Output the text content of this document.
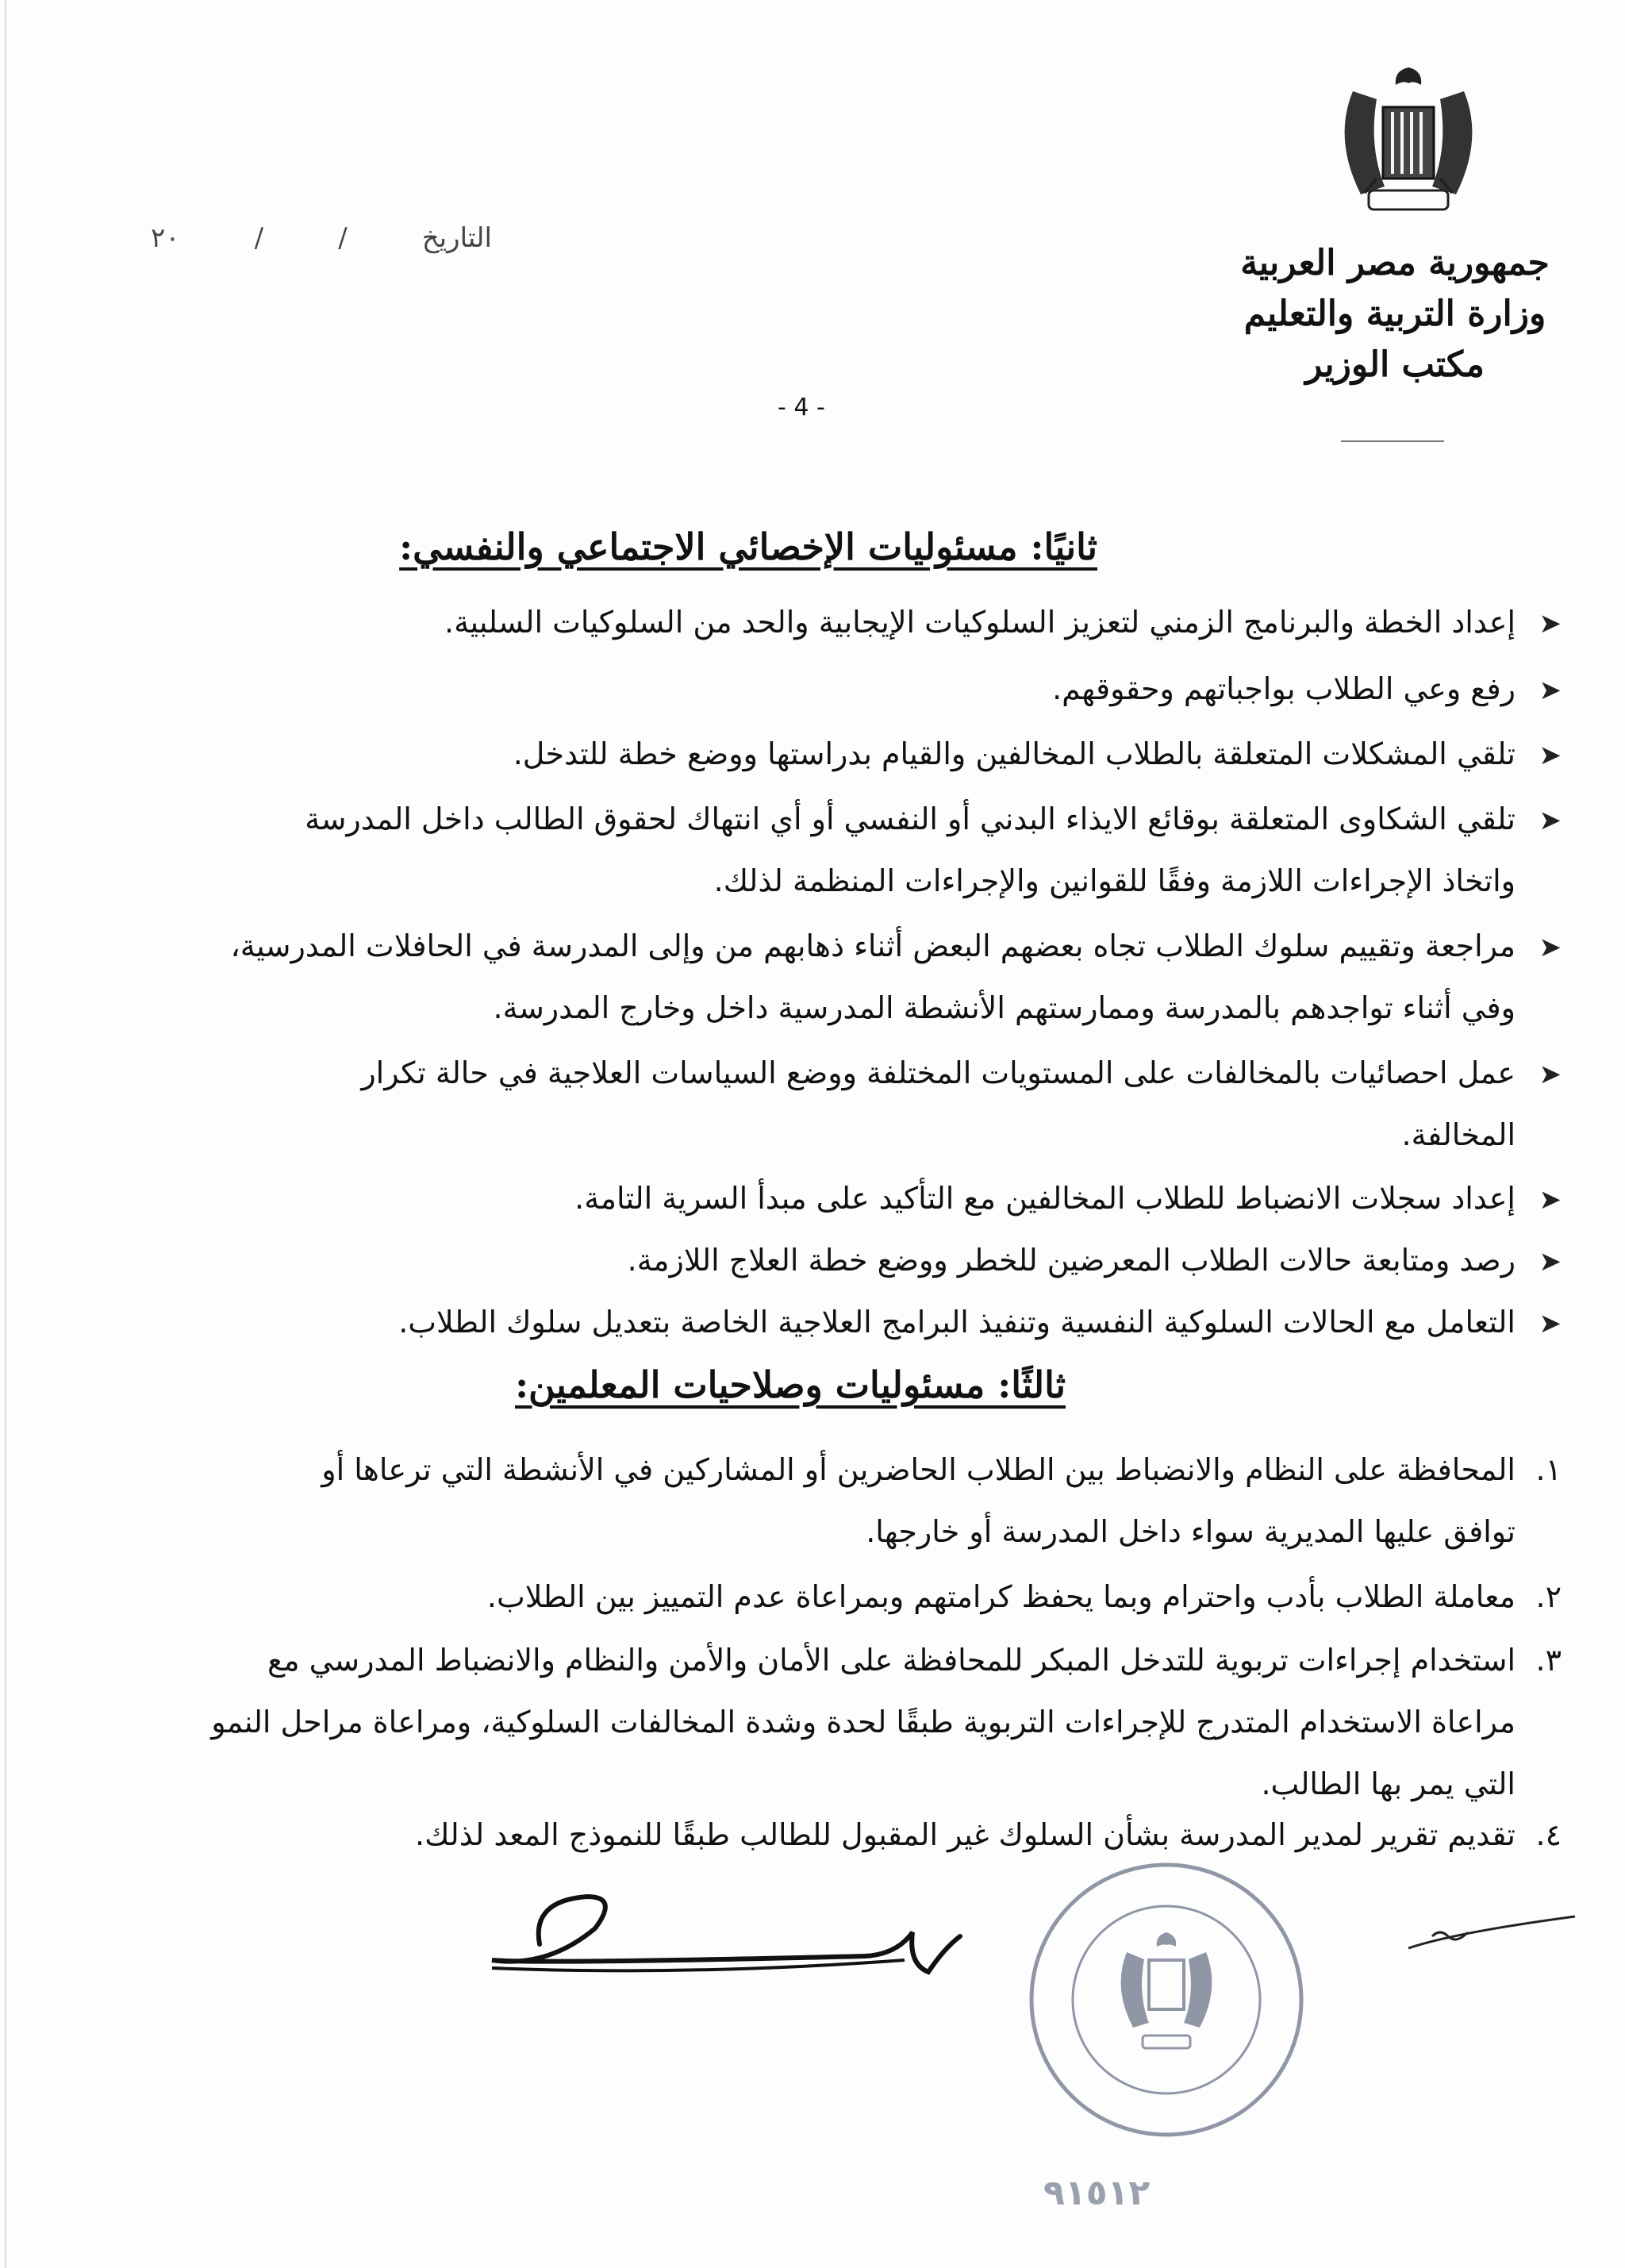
جمهورية مصر العربية
وزارة التربية والتعليم
مكتب الوزير
التاريخ
/
/
٢٠
- 4 -
ثانيًا: مسئوليات الإخصائي الاجتماعي والنفسي:
➤إعداد الخطة والبرنامج الزمني لتعزيز السلوكيات الإيجابية والحد من السلوكيات السلبية.
➤رفع وعي الطلاب بواجباتهم وحقوقهم.
➤تلقي المشكلات المتعلقة بالطلاب المخالفين والقيام بدراستها ووضع خطة للتدخل.
➤تلقي الشكاوى المتعلقة بوقائع الايذاء البدني أو النفسي أو أي انتهاك لحقوق الطالب داخل المدرسة
واتخاذ الإجراءات اللازمة وفقًا للقوانين والإجراءات المنظمة لذلك.
➤مراجعة وتقييم سلوك الطلاب تجاه بعضهم البعض أثناء ذهابهم من وإلى المدرسة في الحافلات المدرسية،
وفي أثناء تواجدهم بالمدرسة وممارستهم الأنشطة المدرسية داخل وخارج المدرسة.
➤عمل احصائيات بالمخالفات على المستويات المختلفة ووضع السياسات العلاجية في حالة تكرار
المخالفة.
➤إعداد سجلات الانضباط للطلاب المخالفين مع التأكيد على مبدأ السرية التامة.
➤رصد ومتابعة حالات الطلاب المعرضين للخطر ووضع خطة العلاج اللازمة.
➤التعامل مع الحالات السلوكية النفسية وتنفيذ البرامج العلاجية الخاصة بتعديل سلوك الطلاب.
ثالثًا: مسئوليات وصلاحيات المعلمين:
١.المحافظة على النظام والانضباط بين الطلاب الحاضرين أو المشاركين في الأنشطة التي ترعاها أو
توافق عليها المديرية سواء داخل المدرسة أو خارجها.
٢.معاملة الطلاب بأدب واحترام وبما يحفظ كرامتهم وبمراعاة عدم التمييز بين الطلاب.
٣.استخدام إجراءات تربوية للتدخل المبكر للمحافظة على الأمان والأمن والنظام والانضباط المدرسي مع
مراعاة الاستخدام المتدرج للإجراءات التربوية طبقًا لحدة وشدة المخالفات السلوكية، ومراعاة مراحل النمو
التي يمر بها الطالب.
٤.تقديم تقرير لمدير المدرسة بشأن السلوك غير المقبول للطالب طبقًا للنموذج المعد لذلك.
٩١٥١٢
